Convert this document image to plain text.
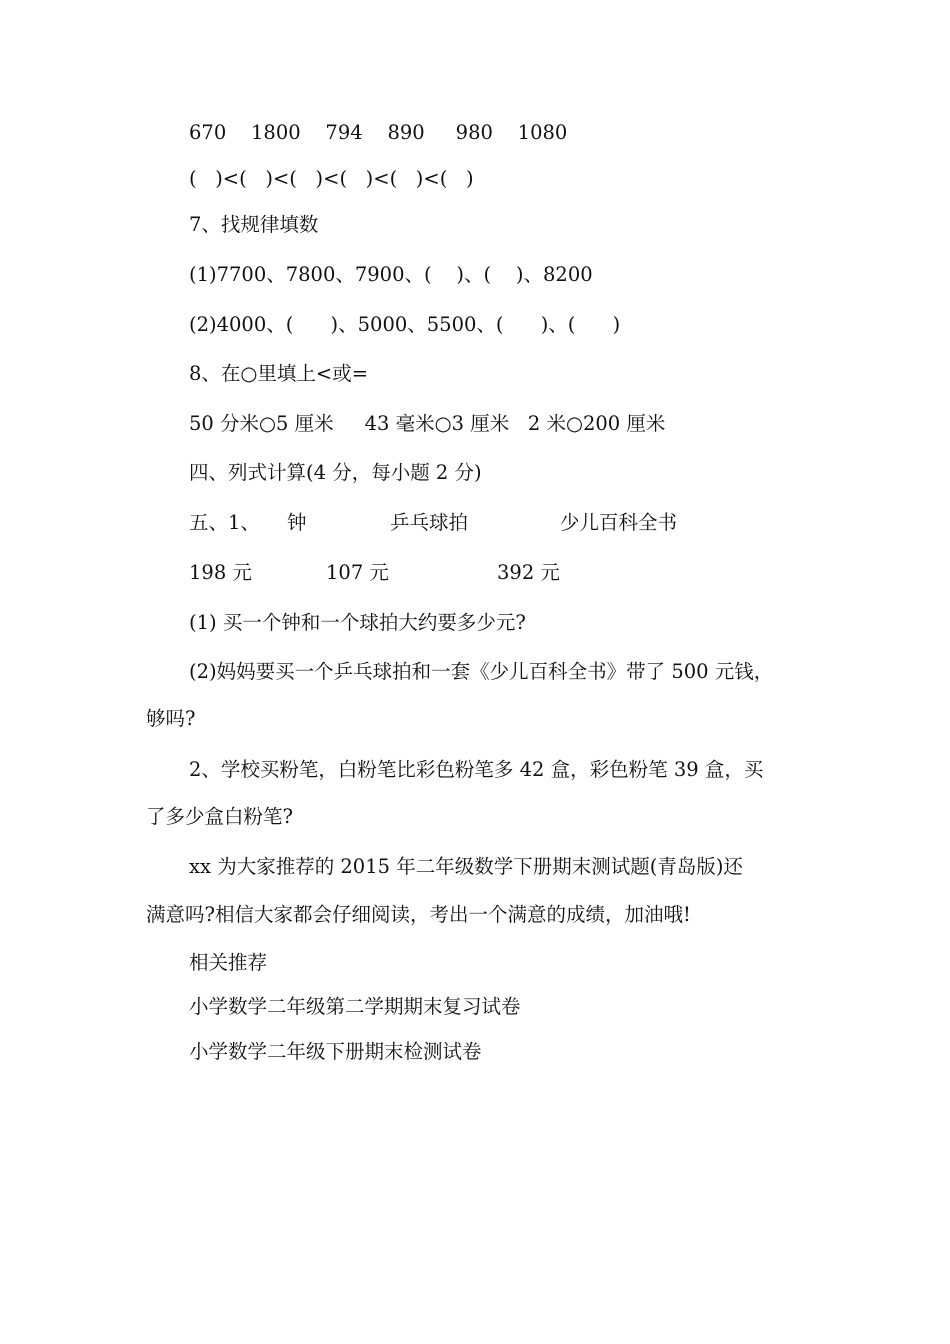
670    1800    794    890     980    1080
(   )<(   )<(   )<(   )<(   )<(   )
7、找规律填数
(1)7700、7800、7900、(    )、(    )、8200
(2)4000、(      )、5000、5500、(      )、(      )
8、在○里填上<或=
50 分米○5 厘米     43 毫米○3 厘米   2 米○200 厘米
四、列式计算(4 分，每小题 2 分)
五、1、 钟	乒乓球拍	少儿百科全书
198 元	107 元	392 元
(1) 买一个钟和一个球拍大约要多少元?
(2)妈妈要买一个乒乓球拍和一套《少儿百科全书》带了 500 元钱，
够吗?
2、学校买粉笔，白粉笔比彩色粉笔多 42 盒，彩色粉笔 39 盒，买
了多少盒白粉笔?
xx 为大家推荐的 2015 年二年级数学下册期末测试题(青岛版)还
满意吗?相信大家都会仔细阅读，考出一个满意的成绩，加油哦!
相关推荐
小学数学二年级第二学期期末复习试卷
小学数学二年级下册期末检测试卷
